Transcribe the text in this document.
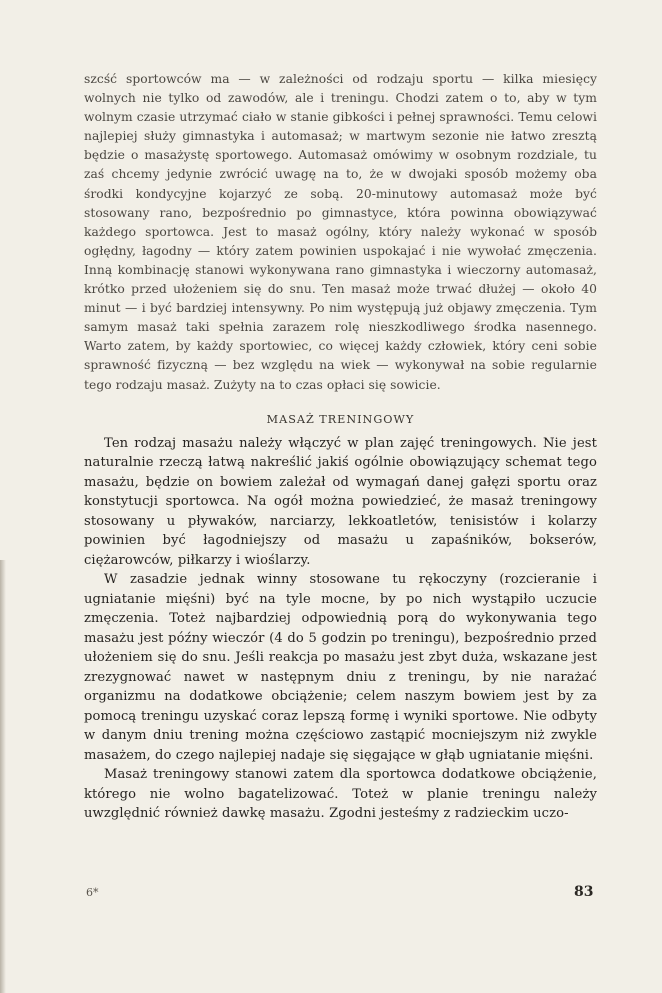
szcść sportowców ma — w zależności od rodzaju sportu — kilka miesięcy wolnych nie tylko od zawodów, ale i treningu. Chodzi zatem o to, aby w tym wolnym czasie utrzymać ciało w stanie gibkości i pełnej sprawności. Temu celowi najlepiej służy gimnastyka i automasaż; w martwym sezonie nie łatwo zresztą będzie o masażystę sportowego. Automasaż omówimy w osobnym rozdziale, tu zaś chcemy jedynie zwrócić uwagę na to, że w dwojaki sposób możemy oba środki kondycyjne kojarzyć ze sobą. 20-minutowy automasaż może być stosowany rano, bezpośrednio po gimnastyce, która powinna obowiązywać każdego sportowca. Jest to masaż ogólny, który należy wykonać w sposób ogłędny, łagodny — który zatem powinien uspokajać i nie wywołać zmęczenia. Inną kombinację stanowi wykonywana rano gimnastyka i wieczorny automasaż, krótko przed ułożeniem się do snu. Ten masaż może trwać dłużej — około 40 minut — i być bardziej intensywny. Po nim występują już objawy zmęczenia. Tym samym masaż taki spełnia zarazem rolę nieszkodliwego środka nasennego. Warto zatem, by każdy sportowiec, co więcej każdy człowiek, który ceni sobie sprawność fizyczną — bez względu na wiek — wykonywał na sobie regularnie tego rodzaju masaż. Zużyty na to czas opłaci się sowicie.

MASAŻ TRENINGOWY

Ten rodzaj masażu należy włączyć w plan zajęć treningowych. Nie jest naturalnie rzeczą łatwą nakreślić jakiś ogólnie obowiązujący schemat tego masażu, będzie on bowiem zależał od wymagań danej gałęzi sportu oraz konstytucji sportowca. Na ogół można powiedzieć, że masaż treningowy stosowany u pływaków, narciarzy, lekkoatletów, tenisistów i kolarzy powinien być łagodniejszy od masażu u zapaśników, bokserów, ciężarowców, piłkarzy i wioślarzy.

W zasadzie jednak winny stosowane tu rękoczyny (rozcieranie i ugniatanie mięśni) być na tyle mocne, by po nich wystąpiło uczucie zmęczenia. Toteż najbardziej odpowiednią porą do wykonywania tego masażu jest późny wieczór (4 do 5 godzin po treningu), bezpośrednio przed ułożeniem się do snu. Jeśli reakcja po masażu jest zbyt duża, wskazane jest zrezygnować nawet w następnym dniu z treningu, by nie narażać organizmu na dodatkowe obciążenie; celem naszym bowiem jest by za pomocą treningu uzyskać coraz lepszą formę i wyniki sportowe. Nie odbyty w danym dniu trening można częściowo zastąpić mocniejszym niż zwykle masażem, do czego najlepiej nadaje się sięgające w głąb ugniatanie mięśni.

Masaż treningowy stanowi zatem dla sportowca dodatkowe obciążenie, którego nie wolno bagatelizować. Toteż w planie treningu należy uwzględnić również dawkę masażu. Zgodni jesteśmy z radzieckim uczo-

6*	83
